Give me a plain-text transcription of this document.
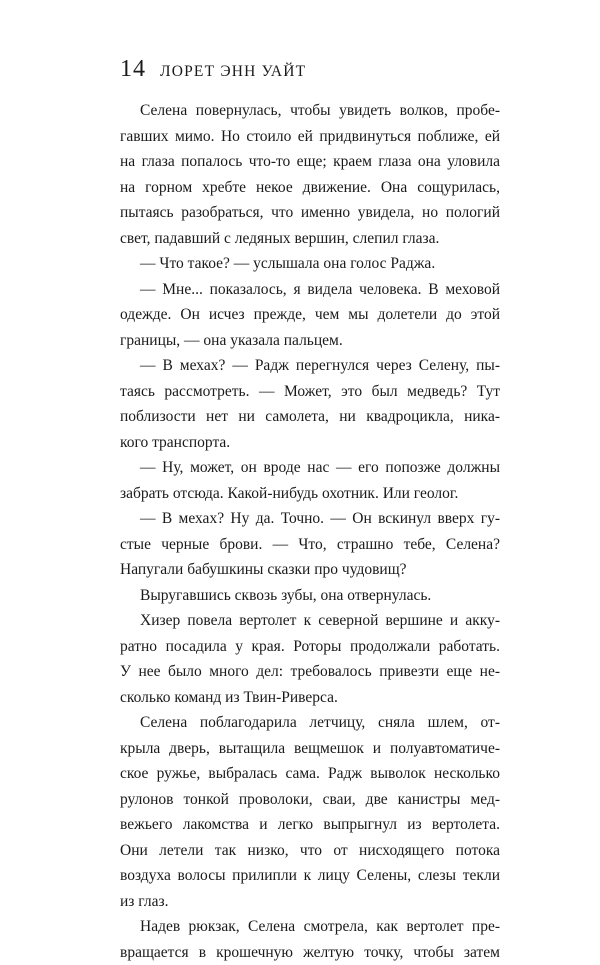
14 ЛОРЕТ ЭНН УАЙТ
Селена повернулась, чтобы увидеть волков, пробе-
гавших мимо. Но стоило ей придвинуться поближе, ей
на глаза попалось что-то еще; краем глаза она уловила
на горном хребте некое движение. Она сощурилась,
пытаясь разобраться, что именно увидела, но пологий
свет, падавший с ледяных вершин, слепил глаза.
— Что такое? — услышала она голос Раджа.
— Мне... показалось, я видела человека. В меховой
одежде. Он исчез прежде, чем мы долетели до этой
границы, — она указала пальцем.
— В мехах? — Радж перегнулся через Селену, пы-
таясь рассмотреть. — Может, это был медведь? Тут
поблизости нет ни самолета, ни квадроцикла, ника-
кого транспорта.
— Ну, может, он вроде нас — его попозже должны
забрать отсюда. Какой-нибудь охотник. Или геолог.
— В мехах? Ну да. Точно. — Он вскинул вверх гу-
стые черные брови. — Что, страшно тебе, Селена?
Напугали бабушкины сказки про чудовищ?
Выругавшись сквозь зубы, она отвернулась.
Хизер повела вертолет к северной вершине и акку-
ратно посадила у края. Роторы продолжали работать.
У нее было много дел: требовалось привезти еще не-
сколько команд из Твин-Риверса.
Селена поблагодарила летчицу, сняла шлем, от-
крыла дверь, вытащила вещмешок и полуавтоматиче-
ское ружье, выбралась сама. Радж выволок несколько
рулонов тонкой проволоки, сваи, две канистры мед-
вежьего лакомства и легко выпрыгнул из вертолета.
Они летели так низко, что от нисходящего потока
воздуха волосы прилипли к лицу Селены, слезы текли
из глаз.
Надев рюкзак, Селена смотрела, как вертолет пре-
вращается в крошечную желтую точку, чтобы затем
